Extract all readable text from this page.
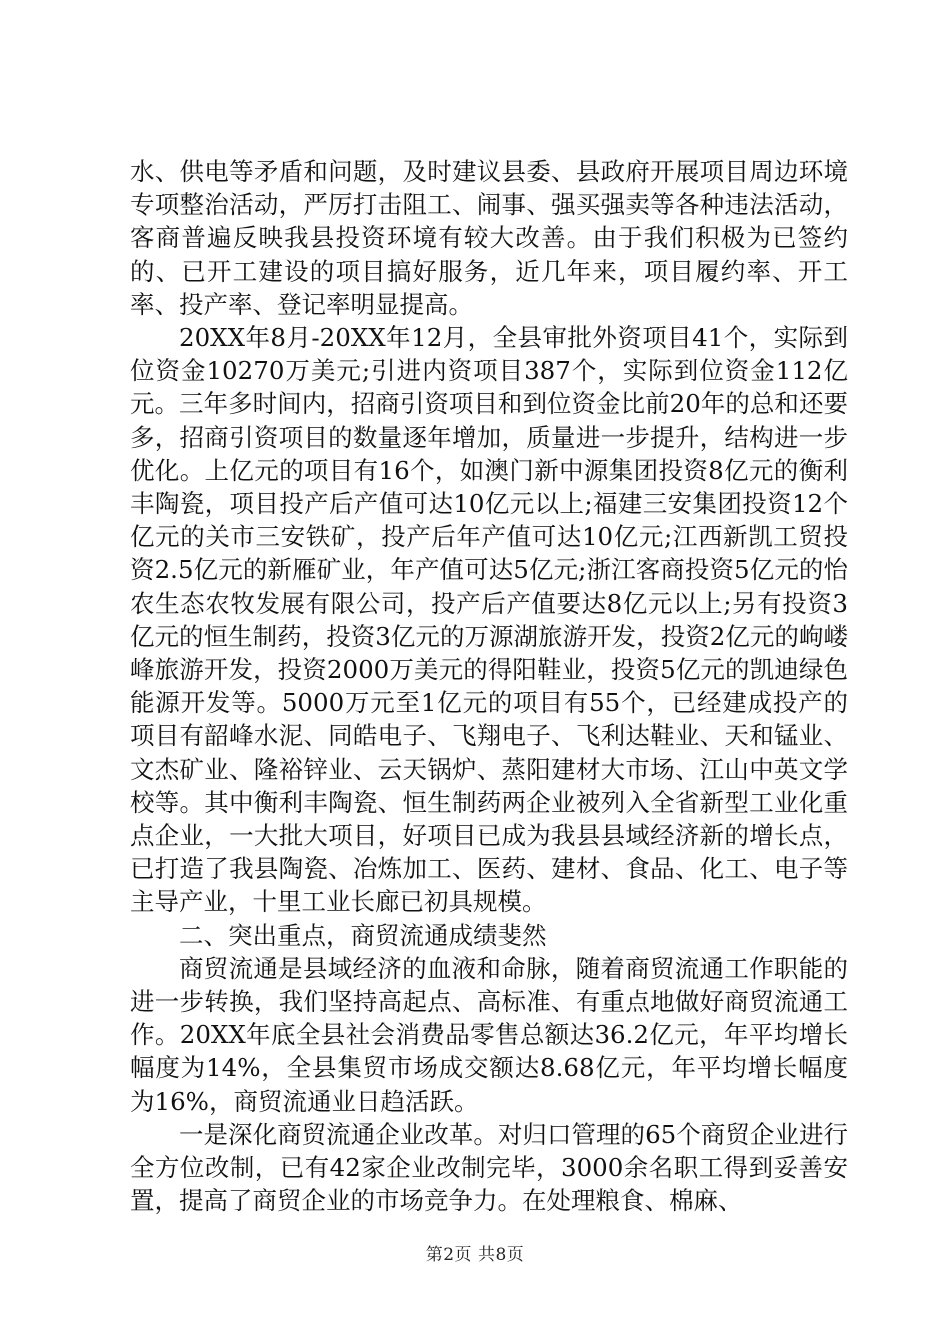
水、供电等矛盾和问题，及时建议县委、县政府开展项目周边环境专项整治活动，严厉打击阻工、闹事、强买强卖等各种违法活动，客商普遍反映我县投资环境有较大改善。由于我们积极为已签约的、已开工建设的项目搞好服务，近几年来，项目履约率、开工率、投产率、登记率明显提高。

20XX年8月-20XX年12月，全县审批外资项目41个，实际到位资金10270万美元;引进内资项目387个，实际到位资金112亿元。三年多时间内，招商引资项目和到位资金比前20年的总和还要多，招商引资项目的数量逐年增加，质量进一步提升，结构进一步优化。上亿元的项目有16个，如澳门新中源集团投资8亿元的衡利丰陶瓷，项目投产后产值可达10亿元以上;福建三安集团投资12个亿元的关市三安铁矿，投产后年产值可达10亿元;江西新凯工贸投资2.5亿元的新雁矿业，年产值可达5亿元;浙江客商投资5亿元的怡农生态农牧发展有限公司，投产后产值要达8亿元以上;另有投资3亿元的恒生制药，投资3亿元的万源湖旅游开发，投资2亿元的岣嵝峰旅游开发，投资2000万美元的得阳鞋业，投资5亿元的凯迪绿色能源开发等。5000万元至1亿元的项目有55个，已经建成投产的项目有韶峰水泥、同皓电子、飞翔电子、飞利达鞋业、天和锰业、文杰矿业、隆裕锌业、云天锅炉、蒸阳建材大市场、江山中英文学校等。其中衡利丰陶瓷、恒生制药两企业被列入全省新型工业化重点企业，一大批大项目，好项目已成为我县县域经济新的增长点，已打造了我县陶瓷、冶炼加工、医药、建材、食品、化工、电子等主导产业，十里工业长廊已初具规模。

二、突出重点，商贸流通成绩斐然

商贸流通是县域经济的血液和命脉，随着商贸流通工作职能的进一步转换，我们坚持高起点、高标准、有重点地做好商贸流通工作。20XX年底全县社会消费品零售总额达36.2亿元，年平均增长幅度为14%，全县集贸市场成交额达8.68亿元，年平均增长幅度为16%，商贸流通业日趋活跃。

一是深化商贸流通企业改革。对归口管理的65个商贸企业进行全方位改制，已有42家企业改制完毕，3000余名职工得到妥善安置，提高了商贸企业的市场竞争力。在处理粮食、棉麻、

第2页 共8页
